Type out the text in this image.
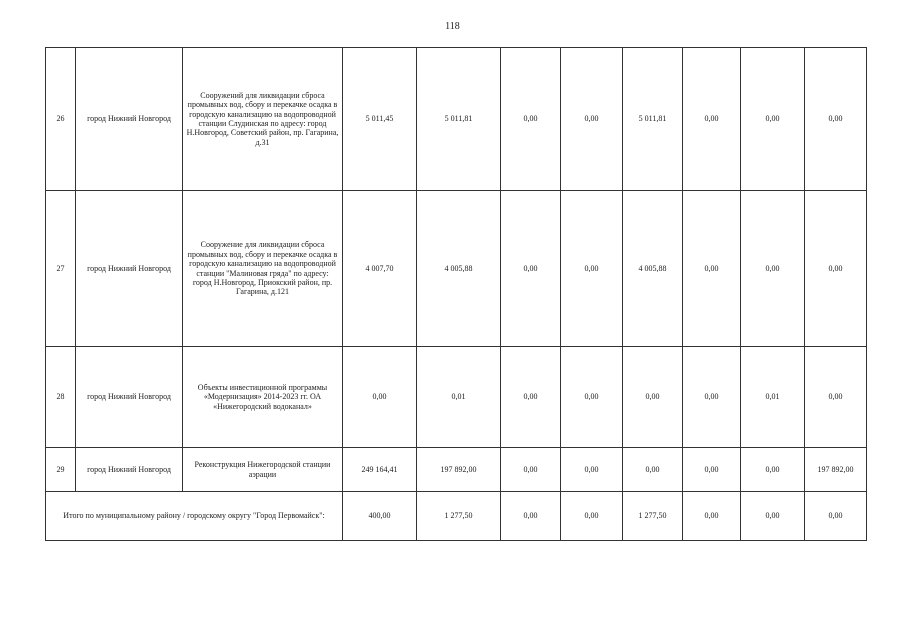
118
26	город Нижний Новгород	Сооружений для ликвидации сброса промывных вод, сбору и перекачке осадка в городскую канализацию на водопроводной станции Слудинская по адресу: город Н.Новгород, Советский район, пр. Гагарина, д.31	5 011,45	5 011,81	0,00	0,00	5 011,81	0,00	0,00	0,00
27	город Нижний Новгород	Сооружение для ликвидации сброса промывных вод, сбору и перекачке осадка в городскую канализацию на водопроводной станции "Малиновая гряда" по адресу: город Н.Новгород, Приокский район, пр. Гагарина, д.121	4 007,70	4 005,88	0,00	0,00	4 005,88	0,00	0,00	0,00
28	город Нижний Новгород	Объекты инвестиционной программы «Модернизация» 2014-2023 гг. ОА «Нижегородский водоканал»	0,00	0,01	0,00	0,00	0,00	0,00	0,01	0,00
29	город Нижний Новгород	Реконструкция Нижегородской станции аэрации	249 164,41	197 892,00	0,00	0,00	0,00	0,00	0,00	197 892,00
Итого по муниципальному району / городскому округу "Город Первомайск":			400,00	1 277,50	0,00	0,00	1 277,50	0,00	0,00	0,00
